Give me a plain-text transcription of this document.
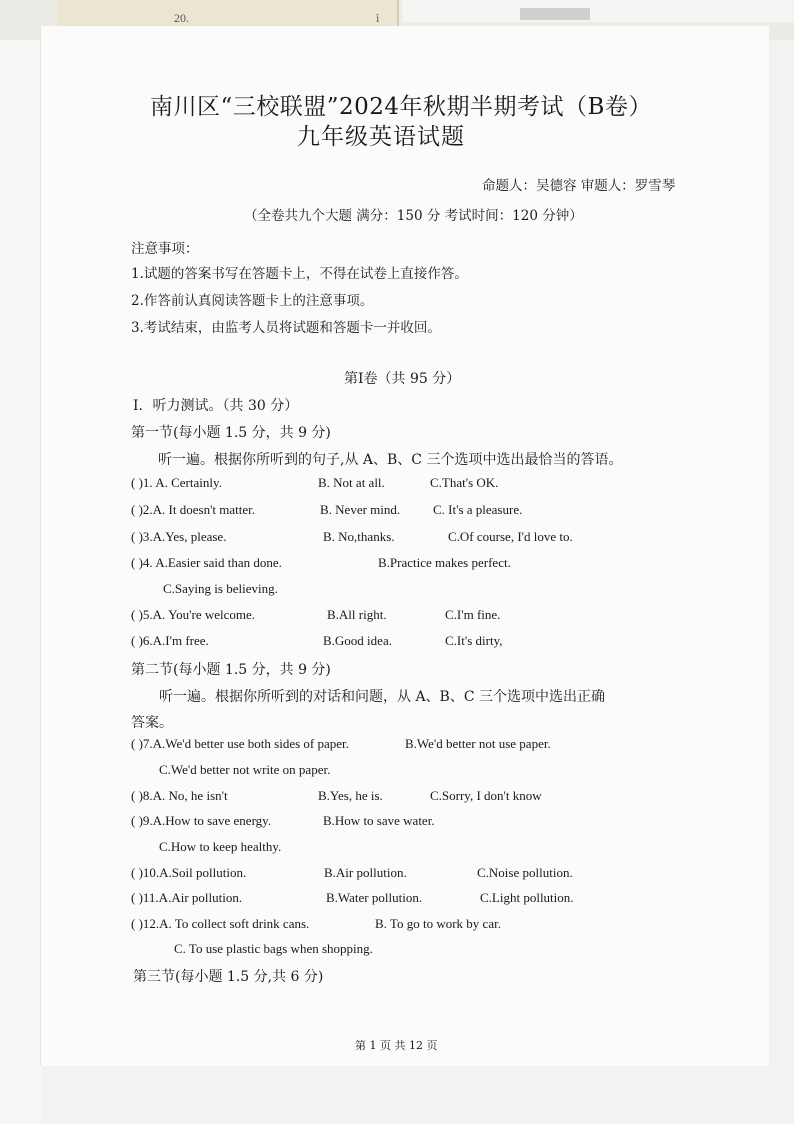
20.	ì
南川区“三校联盟”2024年秋期半期考试（B卷）
九年级英语试题
命题人：吴德容 审题人：罗雪琴
（全卷共九个大题 满分：150 分 考试时间：120 分钟）
注意事项：
1.试题的答案书写在答题卡上，不得在试卷上直接作答。
2.作答前认真阅读答题卡上的注意事项。
3.考试结束，由监考人员将试题和答题卡一并收回。
第Ⅰ卷（共 95 分）
Ⅰ．听力测试。（共 30 分）
第一节(每小题 1.5 分，共 9 分)
听一遍。根据你所听到的句子,从 A、B、C 三个选项中选出最恰当的答语。
( )1. A. Certainly.	B. Not at all.	C.That's OK.
( )2.A. It doesn't matter.	B. Never mind.	C. It's a pleasure.
( )3.A.Yes, please.	B. No,thanks.	C.Of course, I'd love to.
( )4. A.Easier said than done.	B.Practice makes perfect.
C.Saying is believing.
( )5.A. You're welcome.	B.All right.	C.I'm fine.
( )6.A.I'm free.	B.Good idea.	C.It's dirty,
第二节(每小题 1.5 分，共 9 分)
听一遍。根据你所听到的对话和问题，从 A、B、C 三个选项中选出正确
答案。
( )7.A.We'd better use both sides of paper.	B.We'd better not use paper.
C.We'd better not write on paper.
( )8.A. No, he isn't	B.Yes, he is.	C.Sorry, I don't know
( )9.A.How to save energy.	B.How to save water.
C.How to keep healthy.
( )10.A.Soil pollution.	B.Air pollution.	C.Noise pollution.
( )11.A.Air pollution.	B.Water pollution.	C.Light pollution.
( )12.A. To collect soft drink cans.	B. To go to work by car.
C. To use plastic bags when shopping.
第三节(每小题 1.5 分,共 6 分)
第 1 页 共 12 页
